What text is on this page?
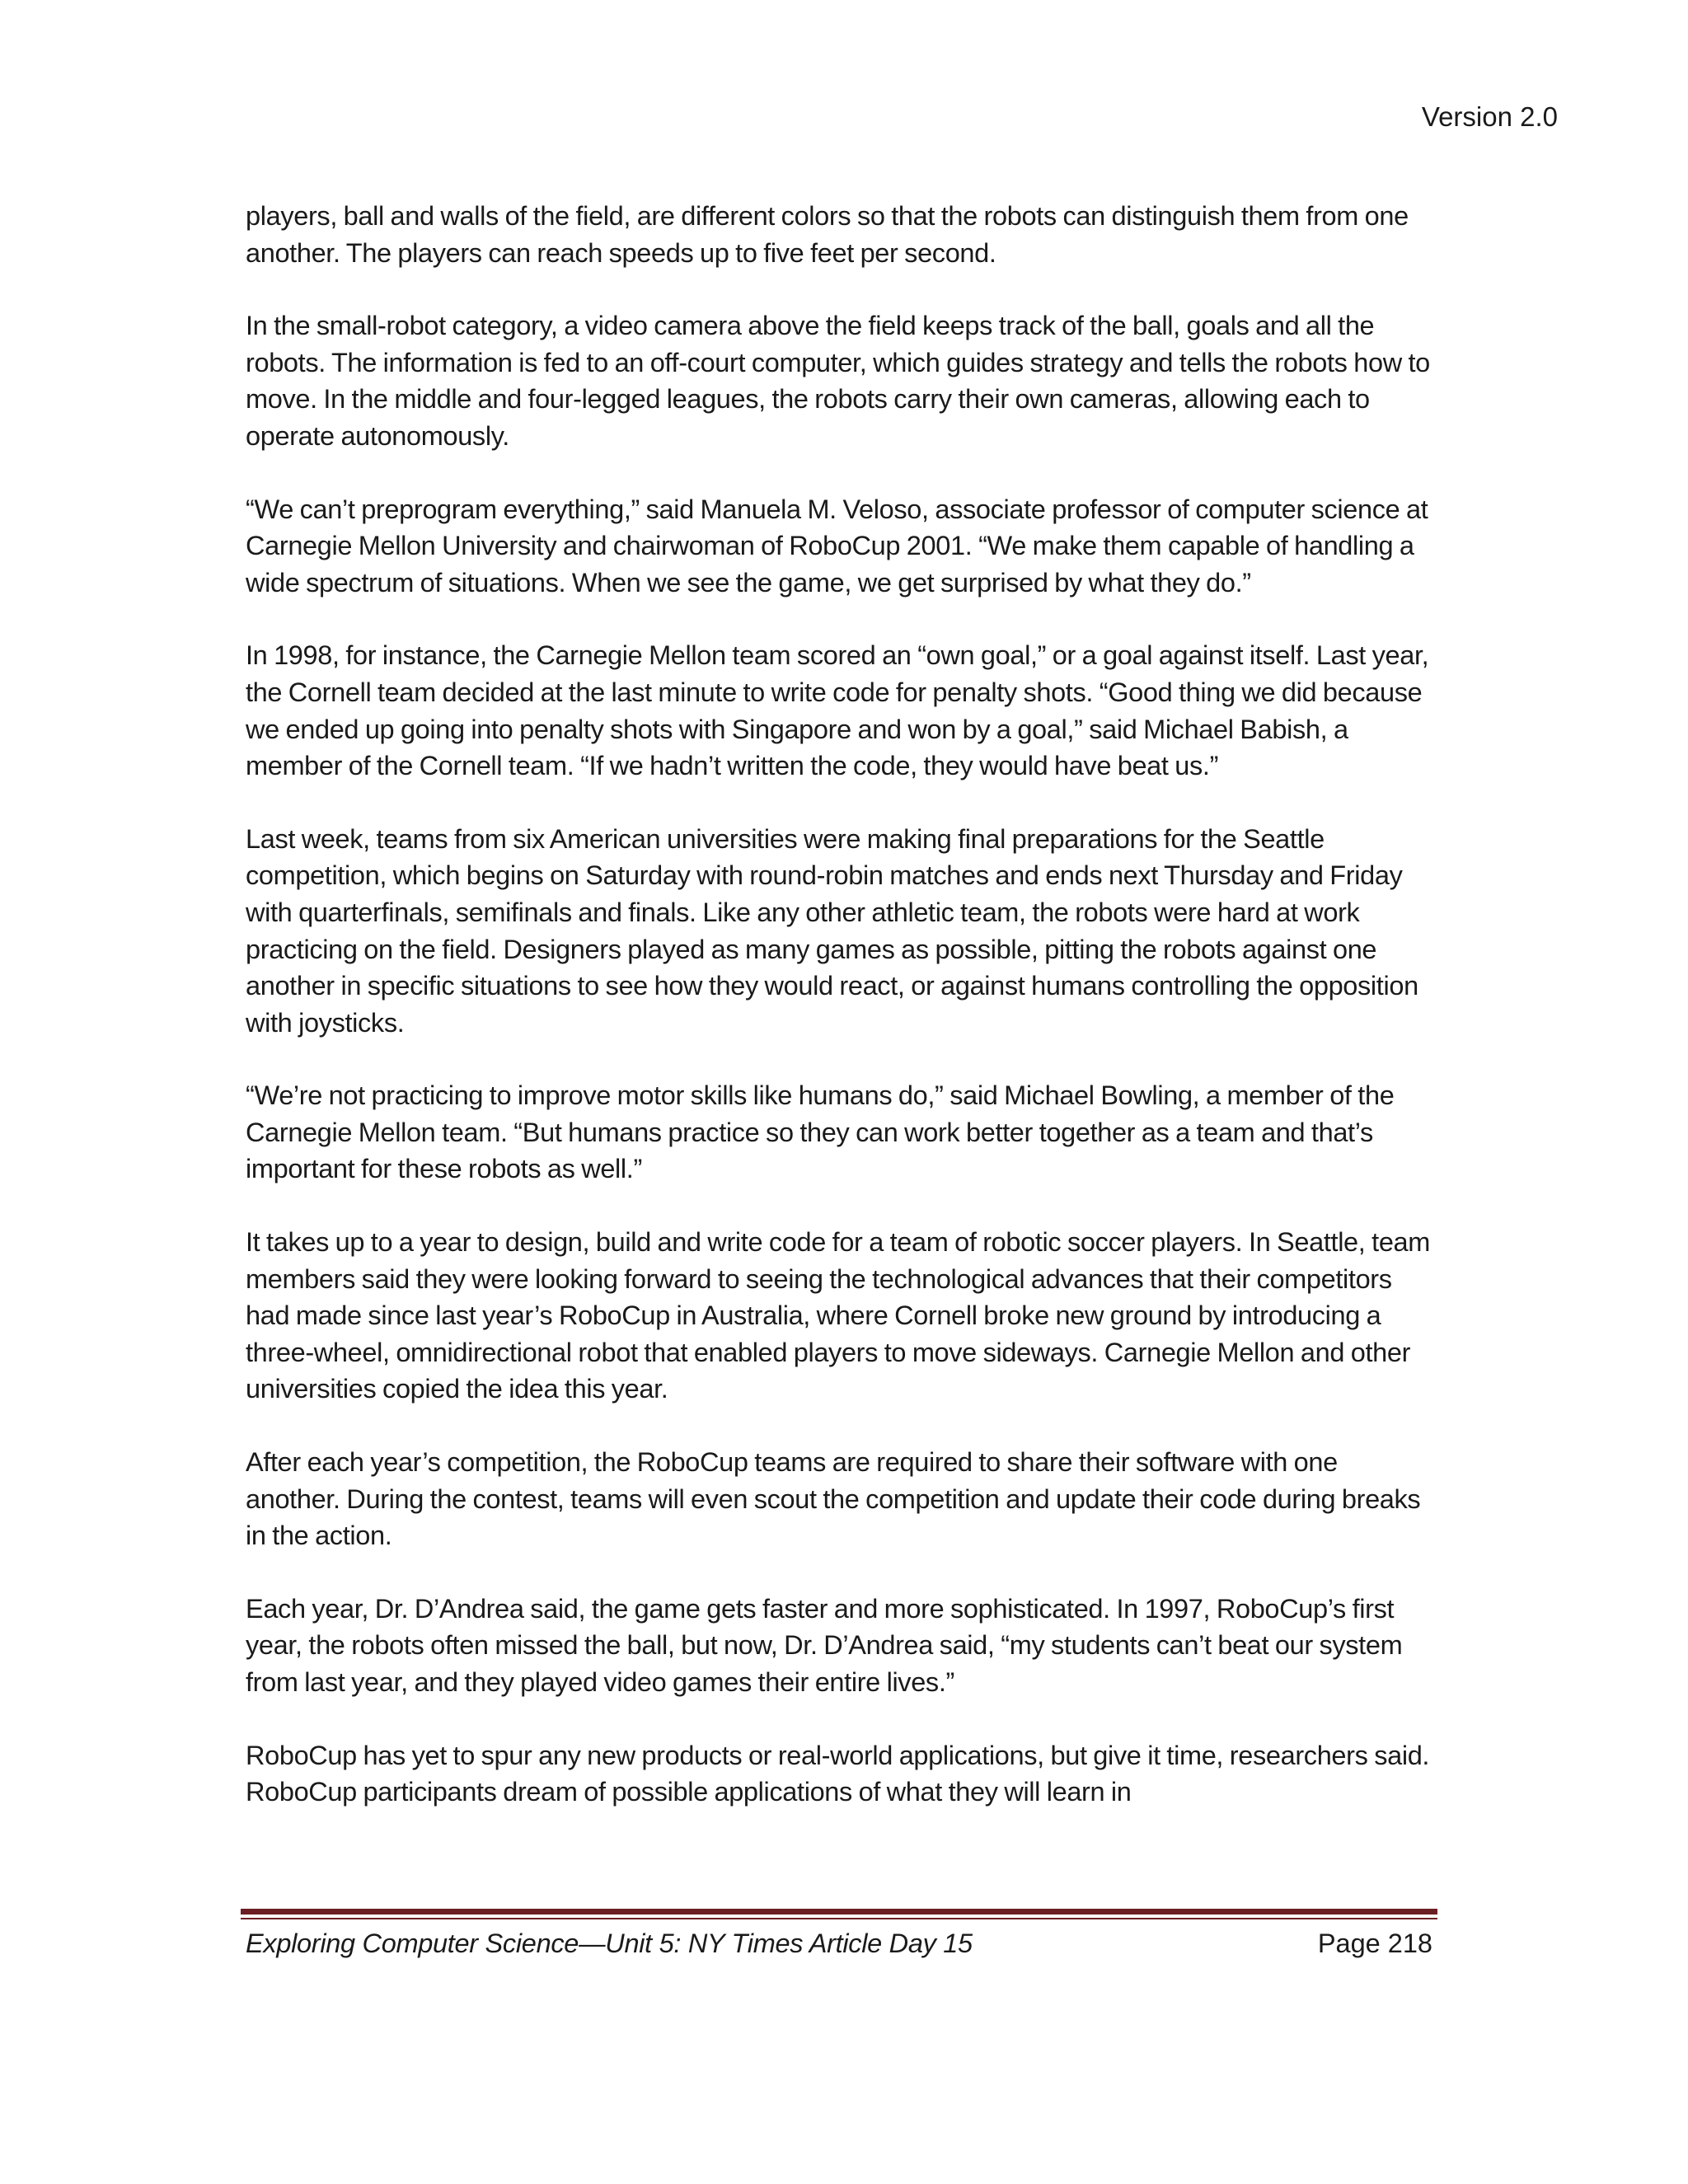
Version 2.0

players, ball and walls of the field, are different colors so that the robots can distinguish them from one another. The players can reach speeds up to five feet per second.

In the small-robot category, a video camera above the field keeps track of the ball, goals and all the robots. The information is fed to an off-court computer, which guides strategy and tells the robots how to move. In the middle and four-legged leagues, the robots carry their own cameras, allowing each to operate autonomously.

“We can’t preprogram everything,” said Manuela M. Veloso, associate professor of computer science at Carnegie Mellon University and chairwoman of RoboCup 2001. “We make them capable of handling a wide spectrum of situations. When we see the game, we get surprised by what they do.”

In 1998, for instance, the Carnegie Mellon team scored an “own goal,” or a goal against itself. Last year, the Cornell team decided at the last minute to write code for penalty shots. “Good thing we did because we ended up going into penalty shots with Singapore and won by a goal,” said Michael Babish, a member of the Cornell team. “If we hadn’t written the code, they would have beat us.”

Last week, teams from six American universities were making final preparations for the Seattle competition, which begins on Saturday with round-robin matches and ends next Thursday and Friday with quarterfinals, semifinals and finals. Like any other athletic team, the robots were hard at work practicing on the field. Designers played as many games as possible, pitting the robots against one another in specific situations to see how they would react, or against humans controlling the opposition with joysticks.

“We’re not practicing to improve motor skills like humans do,” said Michael Bowling, a member of the Carnegie Mellon team. “But humans practice so they can work better together as a team and that’s important for these robots as well.”

It takes up to a year to design, build and write code for a team of robotic soccer players. In Seattle, team members said they were looking forward to seeing the technological advances that their competitors had made since last year’s RoboCup in Australia, where Cornell broke new ground by introducing a three-wheel, omnidirectional robot that enabled players to move sideways. Carnegie Mellon and other universities copied the idea this year.

After each year’s competition, the RoboCup teams are required to share their software with one another. During the contest, teams will even scout the competition and update their code during breaks in the action.

Each year, Dr. D’Andrea said, the game gets faster and more sophisticated. In 1997, RoboCup’s first year, the robots often missed the ball, but now, Dr. D’Andrea said, “my students can’t beat our system from last year, and they played video games their entire lives.”

RoboCup has yet to spur any new products or real-world applications, but give it time, researchers said. RoboCup participants dream of possible applications of what they will learn in

Exploring Computer Science—Unit 5: NY Times Article Day 15	Page 218
